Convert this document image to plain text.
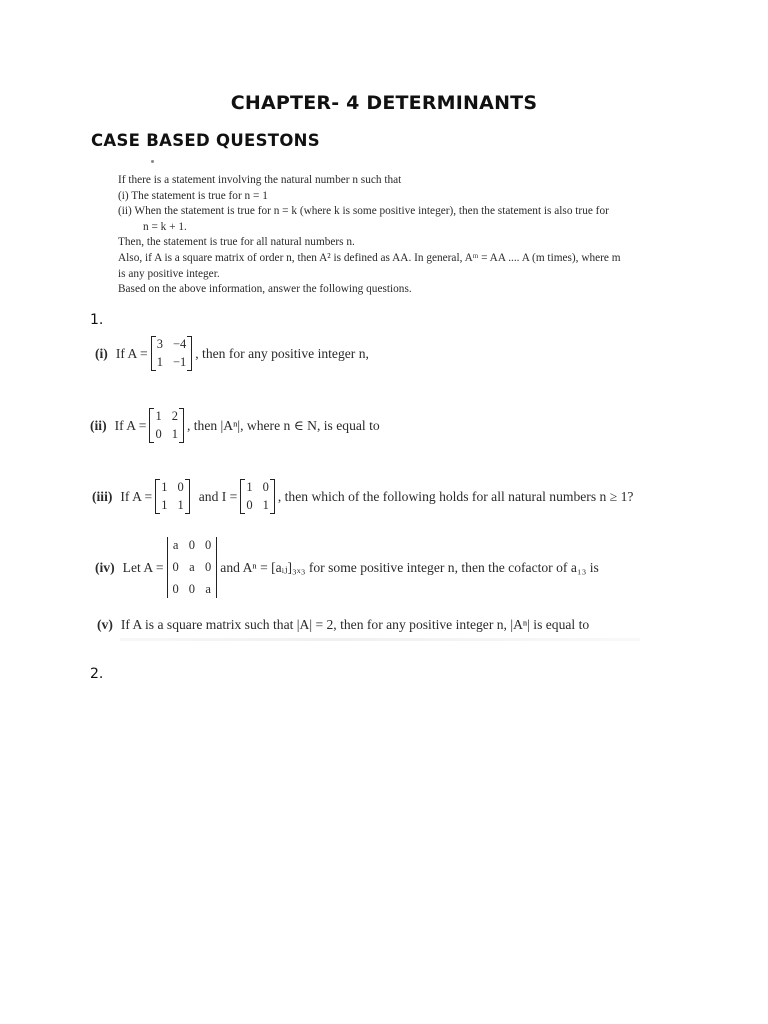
CHAPTER- 4 DETERMINANTS
CASE BASED QUESTONS
If there is a statement involving the natural number n such that
(i) The statement is true for n = 1
(ii) When the statement is true for n = k (where k is some positive integer), then the statement is also true for
n = k + 1.
Then, the statement is true for all natural numbers n.
Also, if A is a square matrix of order n, then A² is defined as AA. In general, Aᵐ = AA .... A (m times), where m
is any positive integer.
Based on the above information, answer the following questions.
1.
(i) If A =
3 −4
1 −1
, then for any positive integer n,
(ii) If A =
1 2
0 1
, then |Aⁿ|, where n ∈ N, is equal to
(iii) If A =
1 0
1 1
and I =
1 0
0 1
, then which of the following holds for all natural numbers n ≥ 1?
(iv) Let A =
a 0 0
0 a 0
0 0 a
and Aⁿ = [aᵢⱼ]₃ₓ₃ for some positive integer n, then the cofactor of a₁₃ is
(v) If A is a square matrix such that |A| = 2, then for any positive integer n, |Aⁿ| is equal to
2.
